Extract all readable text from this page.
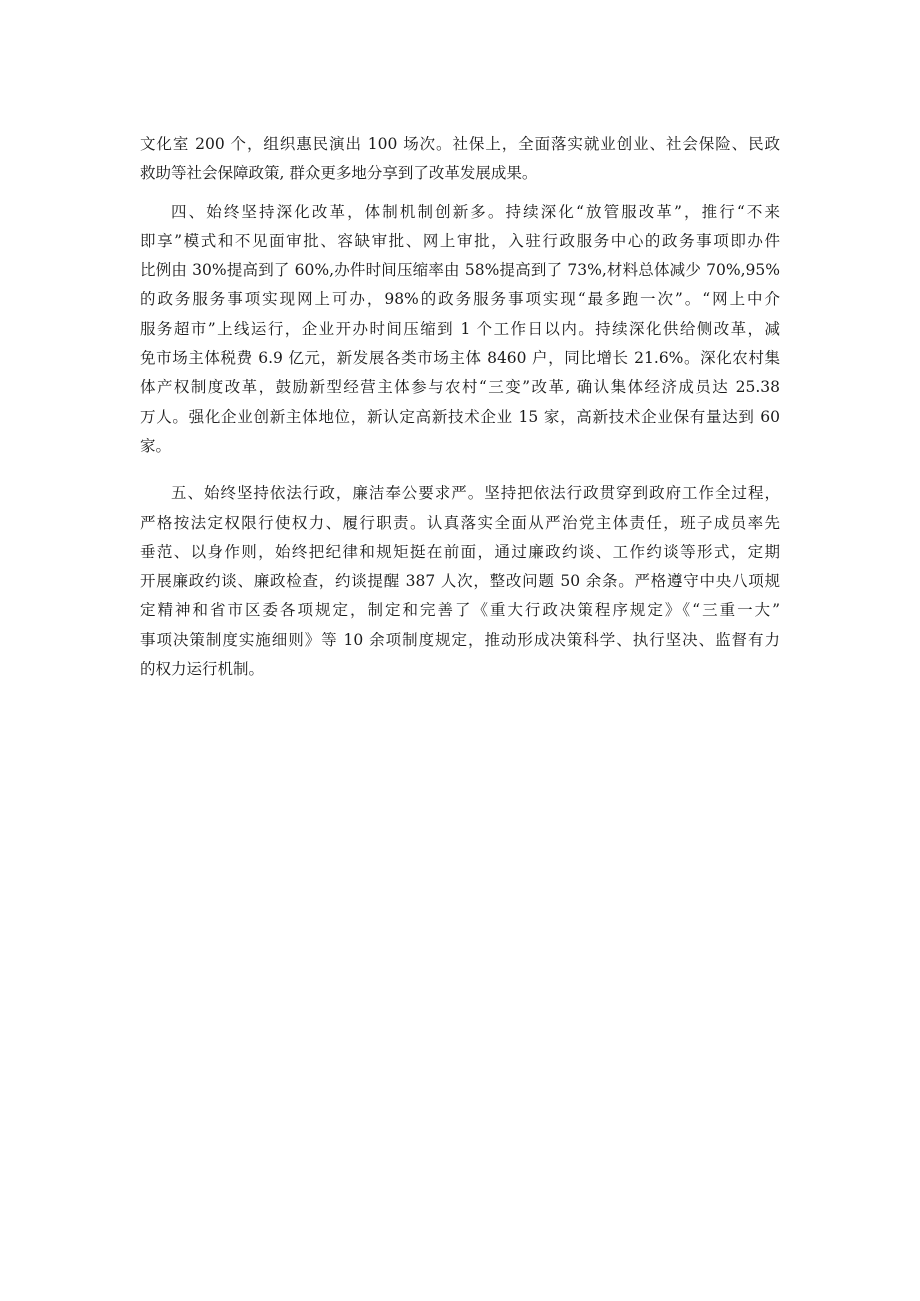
文化室 200 个，组织惠民演出 100 场次。社保上，全面落实就业创业、社会保险、民政
救助等社会保障政策, 群众更多地分享到了改革发展成果。

四、始终坚持深化改革，体制机制创新多。持续深化“放管服改革”，推行“不来
即享”模式和不见面审批、容缺审批、网上审批，入驻行政服务中心的政务事项即办件
比例由 30%提高到了 60%,办件时间压缩率由 58%提高到了 73%,材料总体减少 70%,95%
的政务服务事项实现网上可办，98%的政务服务事项实现“最多跑一次”。“网上中介
服务超市”上线运行，企业开办时间压缩到 1 个工作日以内。持续深化供给侧改革，减
免市场主体税费 6.9 亿元，新发展各类市场主体 8460 户，同比增长 21.6%。深化农村集
体产权制度改革，鼓励新型经营主体参与农村“三变”改革, 确认集体经济成员达 25.38
万人。强化企业创新主体地位，新认定高新技术企业 15 家，高新技术企业保有量达到 60
家。

五、始终坚持依法行政，廉洁奉公要求严。坚持把依法行政贯穿到政府工作全过程，
严格按法定权限行使权力、履行职责。认真落实全面从严治党主体责任，班子成员率先
垂范、以身作则，始终把纪律和规矩挺在前面，通过廉政约谈、工作约谈等形式，定期
开展廉政约谈、廉政检查，约谈提醒 387 人次，整改问题 50 余条。严格遵守中央八项规
定精神和省市区委各项规定，制定和完善了《重大行政决策程序规定》《“三重一大”
事项决策制度实施细则》等 10 余项制度规定，推动形成决策科学、执行坚决、监督有力
的权力运行机制。
